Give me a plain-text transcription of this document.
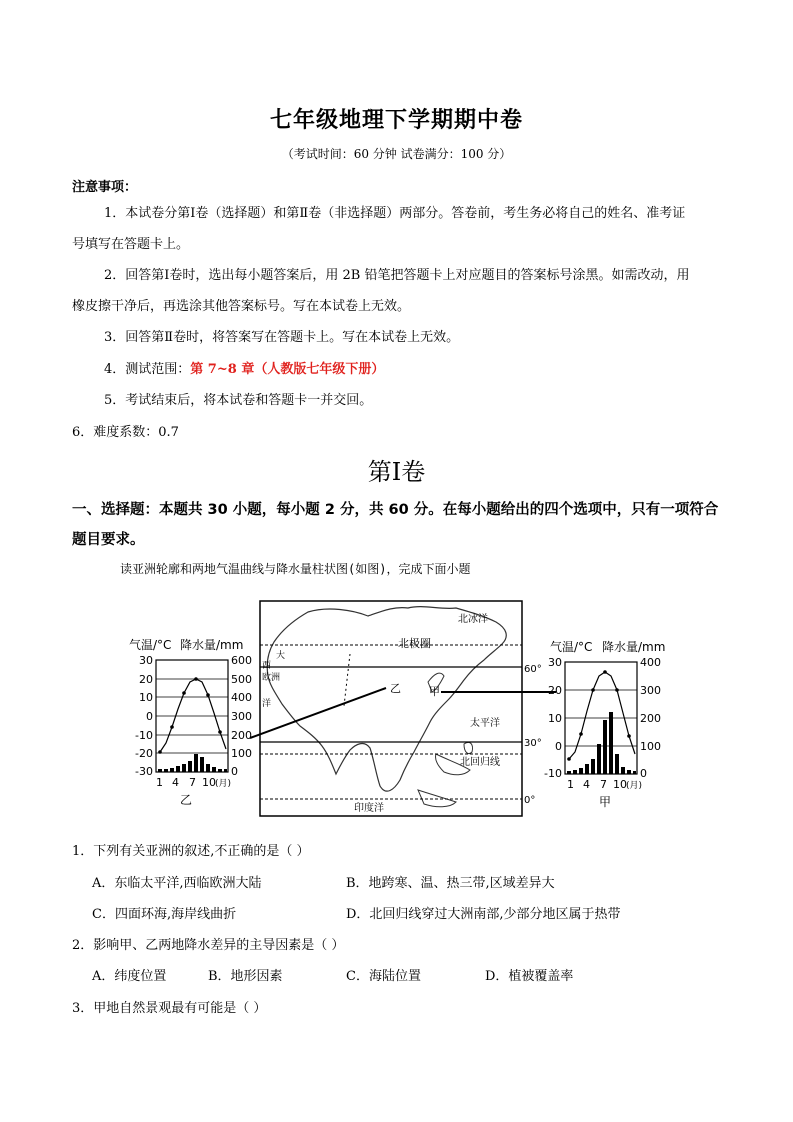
七年级地理下学期期中卷
（考试时间：60 分钟 试卷满分：100 分）
注意事项：
1．本试卷分第Ⅰ卷（选择题）和第Ⅱ卷（非选择题）两部分。答卷前，考生务必将自己的姓名、准考证
号填写在答题卡上。
2．回答第Ⅰ卷时，选出每小题答案后，用 2B 铅笔把答题卡上对应题目的答案标号涂黑。如需改动，用
橡皮擦干净后，再选涂其他答案标号。写在本试卷上无效。
3．回答第Ⅱ卷时，将答案写在答题卡上。写在本试卷上无效。
4．测试范围：第 7~8 章（人教版七年级下册）
5．考试结束后，将本试卷和答题卡一并交回。
6．难度系数：0.7
第Ⅰ卷
一、选择题：本题共 30 小题，每小题 2 分，共 60 分。在每小题给出的四个选项中，只有一项符合题目要求。
读亚洲轮廓和两地气温曲线与降水量柱状图(如图)，完成下面小题
气温/°C 降水量/mm
30
20
10
0
-10
-20
-30
600
500
400
300
200
100
0
1 4 7 10 (月)
乙
北冰洋
北极圈
太平洋
北回归线
印度洋
60°
30°
0°
甲
乙
大
西
洋
欧洲
气温/°C 降水量/mm
30
20
10
0
-10
400
300
200
100
0
1 4 7 10 (月)
甲
1．下列有关亚洲的叙述,不正确的是（ ）
A．东临太平洋,西临欧洲大陆	B．地跨寒、温、热三带,区域差异大
C．四面环海,海岸线曲折	D．北回归线穿过大洲南部,少部分地区属于热带
2．影响甲、乙两地降水差异的主导因素是（ ）
A．纬度位置	B．地形因素	C．海陆位置	D．植被覆盖率
3．甲地自然景观最有可能是（ ）
